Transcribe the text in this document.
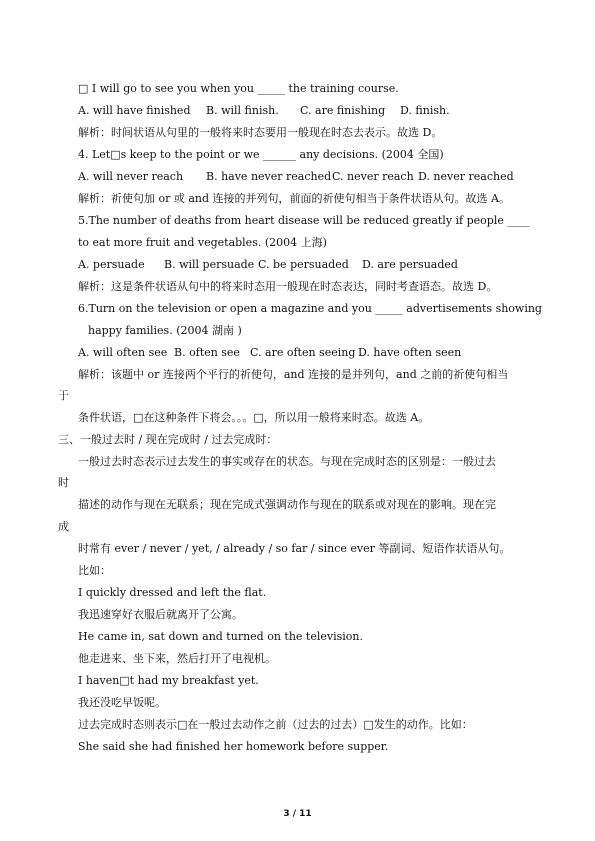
□ I will go to see you when you _____ the training course.
A. will have finished B. will finish. C. are finishing D. finish.
解析：时间状语从句里的一般将来时态要用一般现在时态去表示。故选 D。
4. Let□s keep to the point or we ______ any decisions. (2004 全国)
A. will never reach B. have never reached C. never reach D. never reached
解析：祈使句加 or 或 and 连接的并列句，前面的祈使句相当于条件状语从句。故选 A。
5.The number of deaths from heart disease will be reduced greatly if people ____
to eat more fruit and vegetables. (2004 上海)
A. persuade B. will persuade C. be persuaded D. are persuaded
解析：这是条件状语从句中的将来时态用一般现在时态表达，同时考查语态。故选 D。
6.Turn on the television or open a magazine and you _____ advertisements showing
happy families. (2004 湖南 )
A. will often see B. often see C. are often seeing D. have often seen
解析：该题中 or 连接两个平行的祈使句，and 连接的是并列句，and 之前的祈使句相当
于
条件状语，□在这种条件下将会。。。□，所以用一般将来时态。故选 A。
三、一般过去时 / 现在完成时 / 过去完成时：
一般过去时态表示过去发生的事实或存在的状态。与现在完成时态的区别是：一般过去
时
描述的动作与现在无联系；现在完成式强调动作与现在的联系或对现在的影响。现在完
成
时常有 ever / never / yet, / already / so far / since ever 等副词、短语作状语从句。
比如：
I quickly dressed and left the flat.
我迅速穿好衣服后就离开了公寓。
He came in, sat down and turned on the television.
他走进来、坐下来，然后打开了电视机。
I haven□t had my breakfast yet.
我还没吃早饭呢。
过去完成时态则表示□在一般过去动作之前（过去的过去）□发生的动作。比如：
She said she had finished her homework before supper.
3 / 11
